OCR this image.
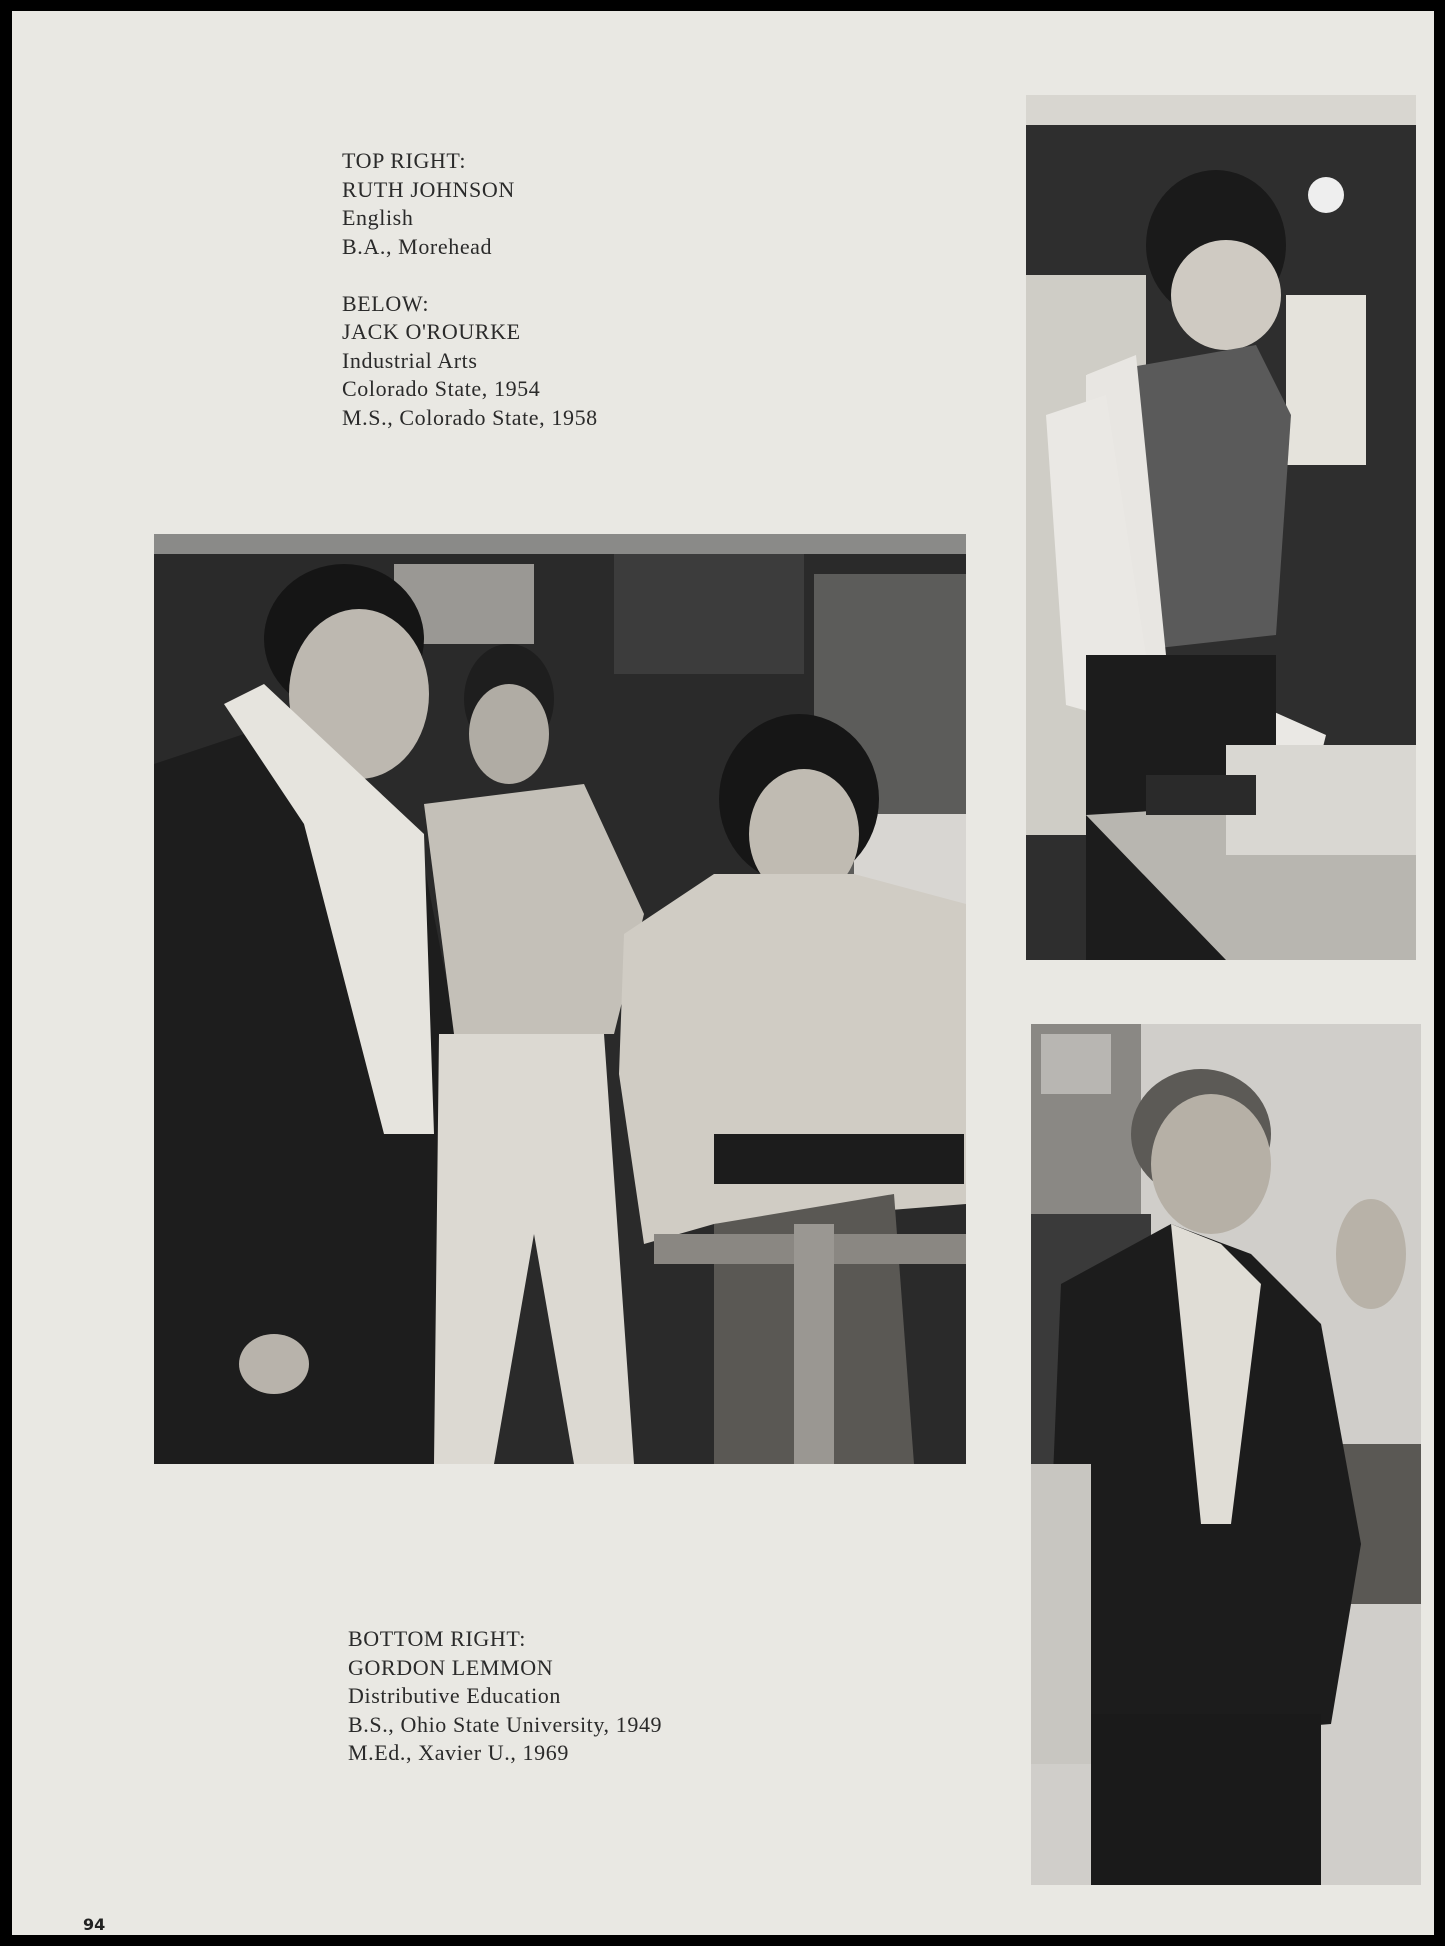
TOP RIGHT:
RUTH JOHNSON
English
B.A., Morehead
BELOW:
JACK O'ROURKE
Industrial Arts
Colorado State, 1954
M.S., Colorado State, 1958
BOTTOM RIGHT:
GORDON LEMMON
Distributive Education
B.S., Ohio State University, 1949
M.Ed., Xavier U., 1969
94
